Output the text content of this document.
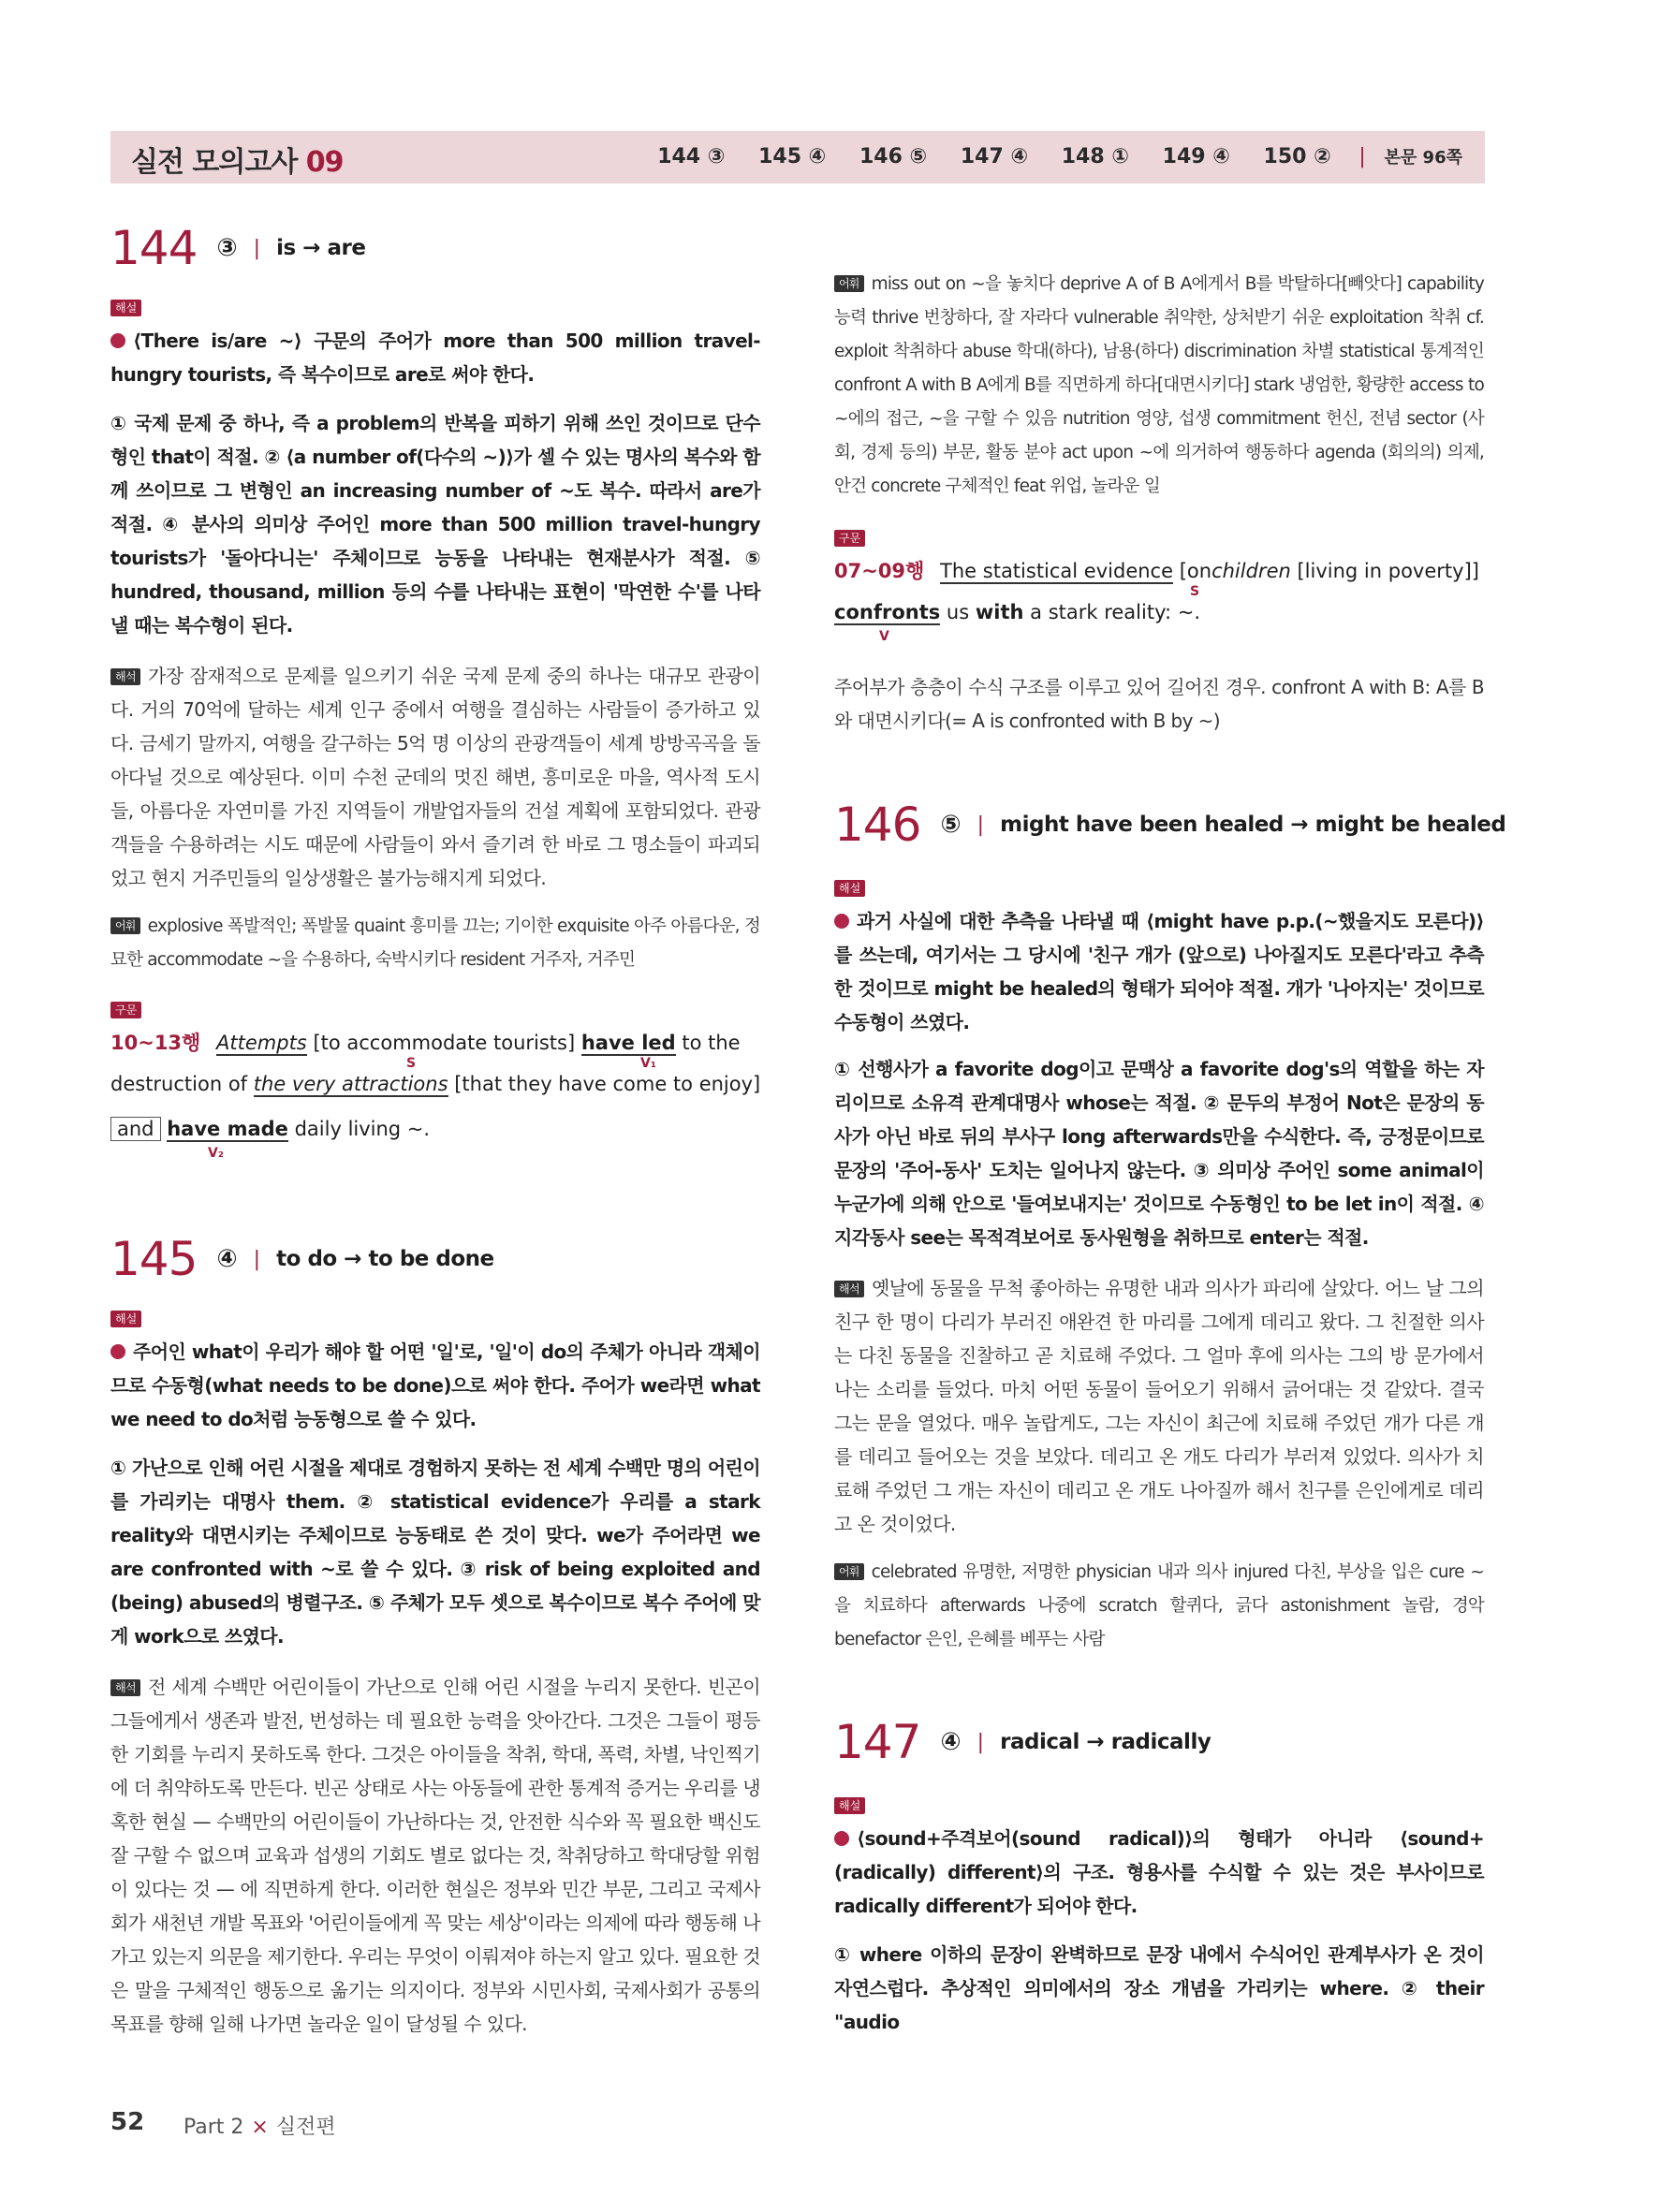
실전 모의고사 09	144 ③ 145 ④ 146 ⑤ 147 ④ 148 ① 149 ④ 150 ② | 본문 96쪽
144 ③ | is → are
해설
⟨There is/are ~⟩ 구문의 주어가 more than 500 million travel-hungry tourists, 즉 복수이므로 are로 써야 한다.
① 국제 문제 중 하나, 즉 a problem의 반복을 피하기 위해 쓰인 것이므로 단수형인 that이 적절. ② ⟨a number of(다수의 ~)⟩가 셀 수 있는 명사의 복수와 함께 쓰이므로 그 변형인 an increasing number of ~도 복수. 따라서 are가 적절. ④ 분사의 의미상 주어인 more than 500 million travel-hungry tourists가 '돌아다니는' 주체이므로 능동을 나타내는 현재분사가 적절. ⑤ hundred, thousand, million 등의 수를 나타내는 표현이 '막연한 수'를 나타낼 때는 복수형이 된다.
해석 가장 잠재적으로 문제를 일으키기 쉬운 국제 문제 중의 하나는 대규모 관광이다. 거의 70억에 달하는 세계 인구 중에서 여행을 결심하는 사람들이 증가하고 있다. 금세기 말까지, 여행을 갈구하는 5억 명 이상의 관광객들이 세계 방방곡곡을 돌아다닐 것으로 예상된다. 이미 수천 군데의 멋진 해변, 흥미로운 마을, 역사적 도시들, 아름다운 자연미를 가진 지역들이 개발업자들의 건설 계획에 포함되었다. 관광객들을 수용하려는 시도 때문에 사람들이 와서 즐기려 한 바로 그 명소들이 파괴되었고 현지 거주민들의 일상생활은 불가능해지게 되었다.
어휘 explosive 폭발적인; 폭발물 quaint 흥미를 끄는; 기이한 exquisite 아주 아름다운, 정묘한 accommodate ~을 수용하다, 숙박시키다 resident 거주자, 거주민
구문
10~13행 Attempts [to accommodate tourists] have led to the
S	V₁
destruction of the very attractions [that they have come to enjoy]
and have made daily living ~.
V₂
145 ④ | to do → to be done
해설
주어인 what이 우리가 해야 할 어떤 '일'로, '일'이 do의 주체가 아니라 객체이므로 수동형(what needs to be done)으로 써야 한다. 주어가 we라면 what we need to do처럼 능동형으로 쓸 수 있다.
① 가난으로 인해 어린 시절을 제대로 경험하지 못하는 전 세계 수백만 명의 어린이를 가리키는 대명사 them. ② statistical evidence가 우리를 a stark reality와 대면시키는 주체이므로 능동태로 쓴 것이 맞다. we가 주어라면 we are confronted with ~로 쓸 수 있다. ③ risk of being exploited and (being) abused의 병렬구조. ⑤ 주체가 모두 셋으로 복수이므로 복수 주어에 맞게 work으로 쓰였다.
해석 전 세계 수백만 어린이들이 가난으로 인해 어린 시절을 누리지 못한다. 빈곤이 그들에게서 생존과 발전, 번성하는 데 필요한 능력을 앗아간다. 그것은 그들이 평등한 기회를 누리지 못하도록 한다. 그것은 아이들을 착취, 학대, 폭력, 차별, 낙인찍기에 더 취약하도록 만든다. 빈곤 상태로 사는 아동들에 관한 통계적 증거는 우리를 냉혹한 현실 — 수백만의 어린이들이 가난하다는 것, 안전한 식수와 꼭 필요한 백신도 잘 구할 수 없으며 교육과 섭생의 기회도 별로 없다는 것, 착취당하고 학대당할 위험이 있다는 것 — 에 직면하게 한다. 이러한 현실은 정부와 민간 부문, 그리고 국제사회가 새천년 개발 목표와 '어린이들에게 꼭 맞는 세상'이라는 의제에 따라 행동해 나가고 있는지 의문을 제기한다. 우리는 무엇이 이뤄져야 하는지 알고 있다. 필요한 것은 말을 구체적인 행동으로 옮기는 의지이다. 정부와 시민사회, 국제사회가 공통의 목표를 향해 일해 나가면 놀라운 일이 달성될 수 있다.
어휘 miss out on ~을 놓치다 deprive A of B A에게서 B를 박탈하다[빼앗다] capability 능력 thrive 번창하다, 잘 자라다 vulnerable 취약한, 상처받기 쉬운 exploitation 착취 cf. exploit 착취하다 abuse 학대(하다), 남용(하다) discrimination 차별 statistical 통계적인 confront A with B A에게 B를 직면하게 하다[대면시키다] stark 냉엄한, 황량한 access to ~에의 접근, ~을 구할 수 있음 nutrition 영양, 섭생 commitment 헌신, 전념 sector (사회, 경제 등의) 부문, 활동 분야 act upon ~에 의거하여 행동하다 agenda (회의의) 의제, 안건 concrete 구체적인 feat 위업, 놀라운 일
구문
07~09행 The statistical evidence [onchildren [living in poverty]]
S
confronts us with a stark reality: ~.
V
주어부가 층층이 수식 구조를 이루고 있어 길어진 경우. confront A with B: A를 B와 대면시키다(= A is confronted with B by ~)
146 ⑤ | might have been healed → might be healed
해설
과거 사실에 대한 추측을 나타낼 때 ⟨might have p.p.(~했을지도 모른다)⟩를 쓰는데, 여기서는 그 당시에 '친구 개가 (앞으로) 나아질지도 모른다'라고 추측한 것이므로 might be healed의 형태가 되어야 적절. 개가 '나아지는' 것이므로 수동형이 쓰였다.
① 선행사가 a favorite dog이고 문맥상 a favorite dog's의 역할을 하는 자리이므로 소유격 관계대명사 whose는 적절. ② 문두의 부정어 Not은 문장의 동사가 아닌 바로 뒤의 부사구 long afterwards만을 수식한다. 즉, 긍정문이므로 문장의 '주어-동사' 도치는 일어나지 않는다. ③ 의미상 주어인 some animal이 누군가에 의해 안으로 '들여보내지는' 것이므로 수동형인 to be let in이 적절. ④ 지각동사 see는 목적격보어로 동사원형을 취하므로 enter는 적절.
해석 옛날에 동물을 무척 좋아하는 유명한 내과 의사가 파리에 살았다. 어느 날 그의 친구 한 명이 다리가 부러진 애완견 한 마리를 그에게 데리고 왔다. 그 친절한 의사는 다친 동물을 진찰하고 곧 치료해 주었다. 그 얼마 후에 의사는 그의 방 문가에서 나는 소리를 들었다. 마치 어떤 동물이 들어오기 위해서 긁어대는 것 같았다. 결국 그는 문을 열었다. 매우 놀랍게도, 그는 자신이 최근에 치료해 주었던 개가 다른 개를 데리고 들어오는 것을 보았다. 데리고 온 개도 다리가 부러져 있었다. 의사가 치료해 주었던 그 개는 자신이 데리고 온 개도 나아질까 해서 친구를 은인에게로 데리고 온 것이었다.
어휘 celebrated 유명한, 저명한 physician 내과 의사 injured 다친, 부상을 입은 cure ~을 치료하다 afterwards 나중에 scratch 할퀴다, 긁다 astonishment 놀람, 경악 benefactor 은인, 은혜를 베푸는 사람
147 ④ | radical → radically
해설
⟨sound+주격보어(sound radical)⟩의 형태가 아니라 ⟨sound+(radically) different⟩의 구조. 형용사를 수식할 수 있는 것은 부사이므로 radically different가 되어야 한다.
① where 이하의 문장이 완벽하므로 문장 내에서 수식어인 관계부사가 온 것이 자연스럽다. 추상적인 의미에서의 장소 개념을 가리키는 where. ② their "audio
52 Part 2 × 실전편
